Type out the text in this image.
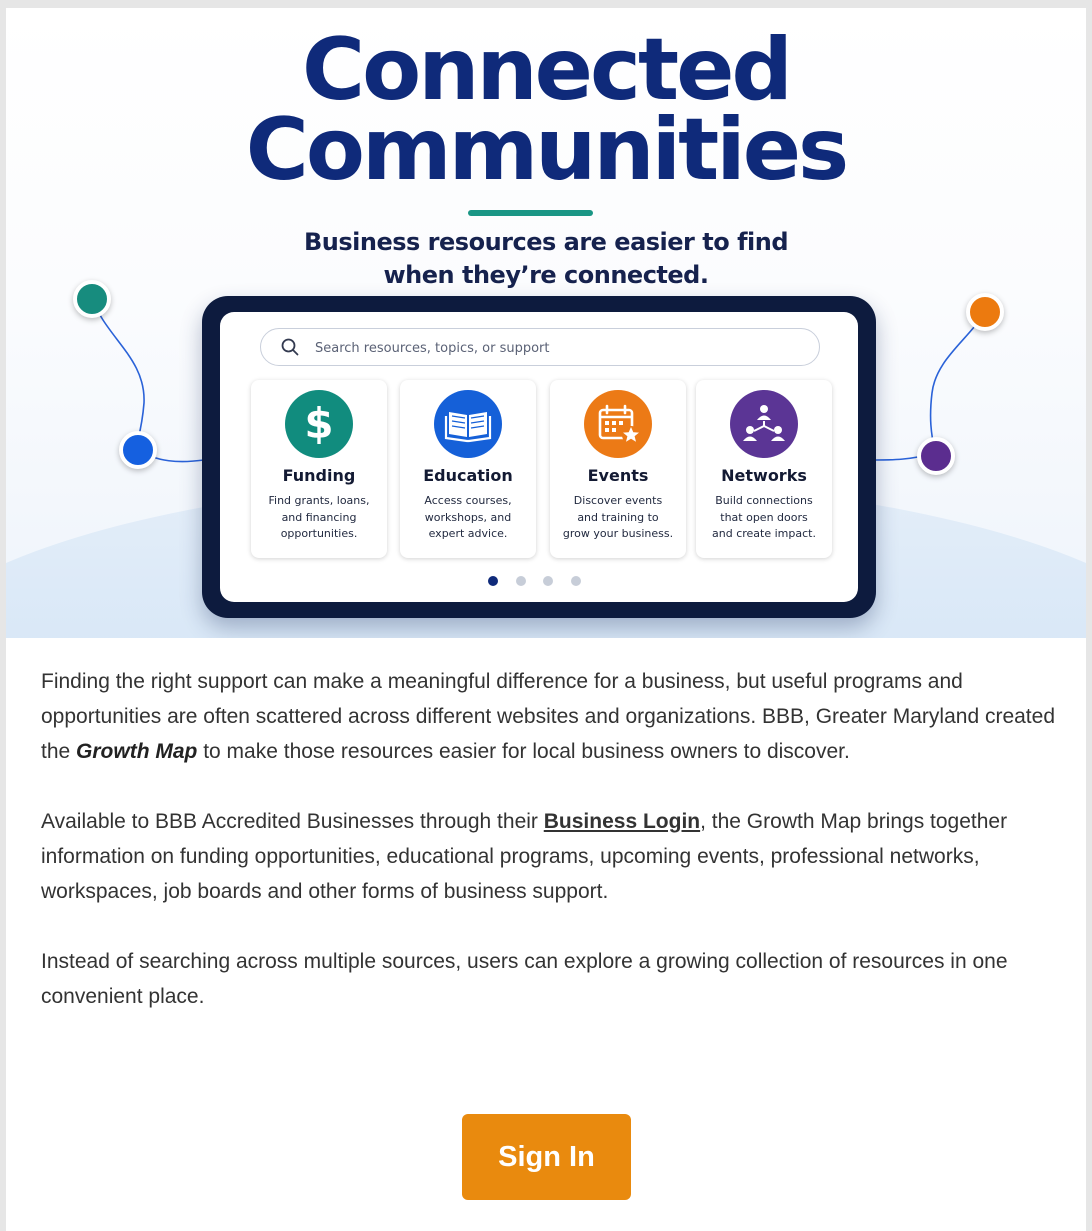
Connected
Communities
Business resources are easier to find
when they’re connected.
Search resources, topics, or support
$
Funding
Find grants, loans,
and financing
opportunities.
Education
Access courses,
workshops, and
expert advice.
Events
Discover events
and training to
grow your business.
Networks
Build connections
that open doors
and create impact.

Finding the right support can make a meaningful difference for a business, but useful programs and opportunities are often scattered across different websites and organizations. BBB, Greater Maryland created the Growth Map to make those resources easier for local business owners to discover.

Available to BBB Accredited Businesses through their Business Login, the Growth Map brings together information on funding opportunities, educational programs, upcoming events, professional networks, workspaces, job boards and other forms of business support.

Instead of searching across multiple sources, users can explore a growing collection of resources in one convenient place.

Sign In
